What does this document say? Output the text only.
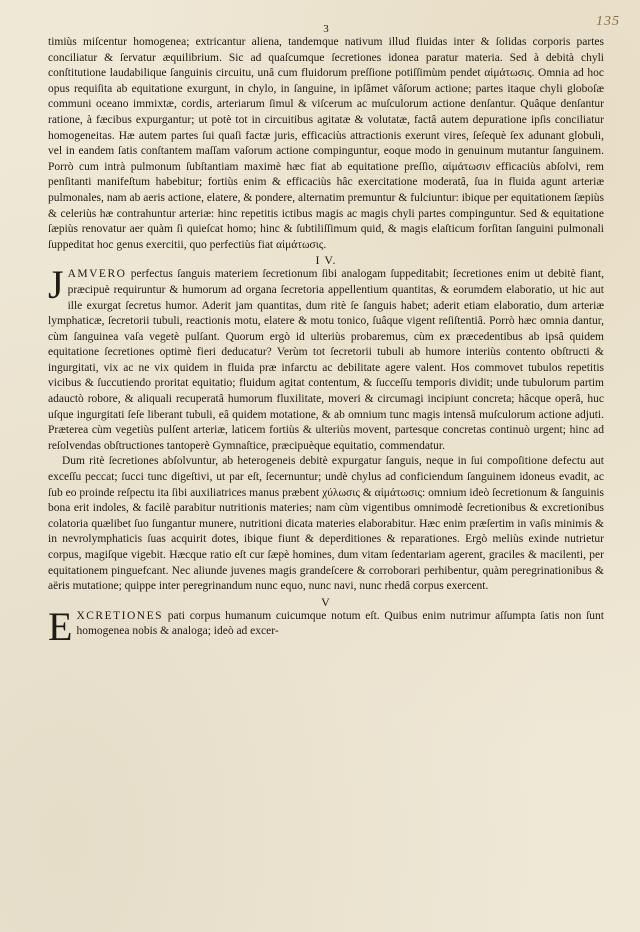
135
3

timiùs miſcentur homogenea; extricantur aliena, tandemque nativum illud fluidas inter & ſolidas corporis partes conciliatur & ſervatur æquilibrium. Sic ad quaſcumque ſecretiones idonea paratur materia. Sed à debità chyli conſtitutione laudabilique ſanguinis circuitu, unâ cum fluidorum preſſione potiſſimùm pendet αἱμάτωσις. Omnia ad hoc opus requiſita ab equitatione exurgunt, in chylo, in ſanguine, in ipſâmet vâſorum actione; partes itaque chyli globoſæ communi oceano immixtæ, cordis, arteriarum ſimul & viſcerum ac muſculorum actione denſantur. Quâque denſantur ratione, à fæcibus expurgantur; ut potè tot in circuitibus agitatæ & volutatæ, factâ autem depuratione ipſis conciliatur homogeneitas. Hæ autem partes ſui quaſi factæ juris, efficaciùs attractionis exerunt vires, ſeſequè ſex adunant globuli, vel in eandem ſatis conſtantem maſſam vaſorum actione compinguntur, eoque modo in genuinum mutantur ſanguinem. Porrò cum intrà pulmonum ſubſtantiam maximè hæc fiat ab equitatione preſſio, αἱμάτωσιν efficaciùs abſolvi, rem penſitanti manifeſtum habebitur; fortiùs enim & efficaciùs hâc exercitatione moderatâ, ſua in fluida agunt arteriæ pulmonales, nam ab aeris actione, elatere, & pondere, alternatim premuntur & fulciuntur: ibique per equitationem ſæpiùs & celeriùs hæ contrahuntur arteriæ: hinc repetitis ictibus magis ac magis chyli partes compinguntur. Sed & equitatione ſæpiùs renovatur aer quàm ſi quieſcat homo; hinc & ſubtiliſſimum quid, & magis elaſticum forſitan ſanguini pulmonali ſuppeditat hoc genus exercitii, quo perfectiùs fiat αἱμάτωσις.

I V.

JAMVERO perfectus ſanguis materiem ſecretionum ſibi analogam ſuppeditabit; ſecretiones enim ut debitè fiant, præcipuè requiruntur & humorum ad organa ſecretoria appellentium quantitas, & eorumdem elaboratio, ut hic aut ille exurgat ſecretus humor. Aderit jam quantitas, dum ritè ſe ſanguis habet; aderit etiam elaboratio, dum arteriæ lymphaticæ, ſecretorii tubuli, reactionis motu, elatere & motu tonico, ſuâque vigent reſiſtentiâ. Porrò hæc omnia dantur, cùm ſanguinea vaſa vegetè pulſant. Quorum ergò id ulteriùs probaremus, cùm ex præcedentibus ab ipsâ quidem equitatione ſecretiones optimè fieri deducatur? Verùm tot ſecretorii tubuli ab humore interiùs contento obſtructi & ingurgitati, vix ac ne vix quidem in fluida præ infarctu ac debilitate agere valent. Hos commovet tubulos repetitis vicibus & ſuccutiendo proritat equitatio; fluidum agitat contentum, & ſucceſſu temporis dividit; unde tubulorum partim adauctò robore, & aliquali recuperatâ humorum fluxilitate, moveri & circumagi incipiunt concreta; hâcque operâ, huc uſque ingurgitati ſeſe liberant tubuli, eâ quidem motatione, & ab omnium tunc magis intensâ muſculorum actione adjuti. Præterea cùm vegetiùs pulſent arteriæ, laticem fortiùs & ulteriùs movent, partesque concretas continuò urgent; hinc ad reſolvendas obſtructiones tantoperè Gymnaſtice, præcipuèque equitatio, commendatur.

Dum ritè ſecretiones abſolvuntur, ab heterogeneis debitè expurgatur ſanguis, neque in ſui compoſitione defectu aut exceſſu peccat; ſucci tunc digeſtivi, ut par eſt, ſecernuntur; undè chylus ad conficiendum ſanguinem idoneus evadit, ac ſub eo proinde reſpectu ita ſibi auxiliatrices manus præbent χύλωσις & αἱμάτωσις: omnium ideò ſecretionum & ſanguinis bona erit indoles, & facilè parabitur nutritionis materies; nam cùm vigentibus omnimodè ſecretionibus & excretionibus colatoria quælibet ſuo ſungantur munere, nutritioni dicata materies elaborabitur. Hæc enim præſertim in vaſis minimis & in nevrolymphaticis ſuas acquirit dotes, ibique fiunt & deperditiones & reparationes. Ergò meliùs exinde nutrietur corpus, magiſque vigebit. Hæcque ratio eſt cur ſæpè homines, dum vitam ſedentariam agerent, graciles & macilenti, per equitationem pinguefcant. Nec aliunde juvenes magis grandeſcere & corroborari perhibentur, quàm peregrinationibus & aëris mutatione; quippe inter peregrinandum nunc equo, nunc navi, nunc rhedâ corpus exercent.

V

EXCRETIONES pati corpus humanum cuicumque notum eſt. Quibus enim nutrimur aſſumpta ſatis non ſunt homogenea nobis & analoga; ideò ad excer-
